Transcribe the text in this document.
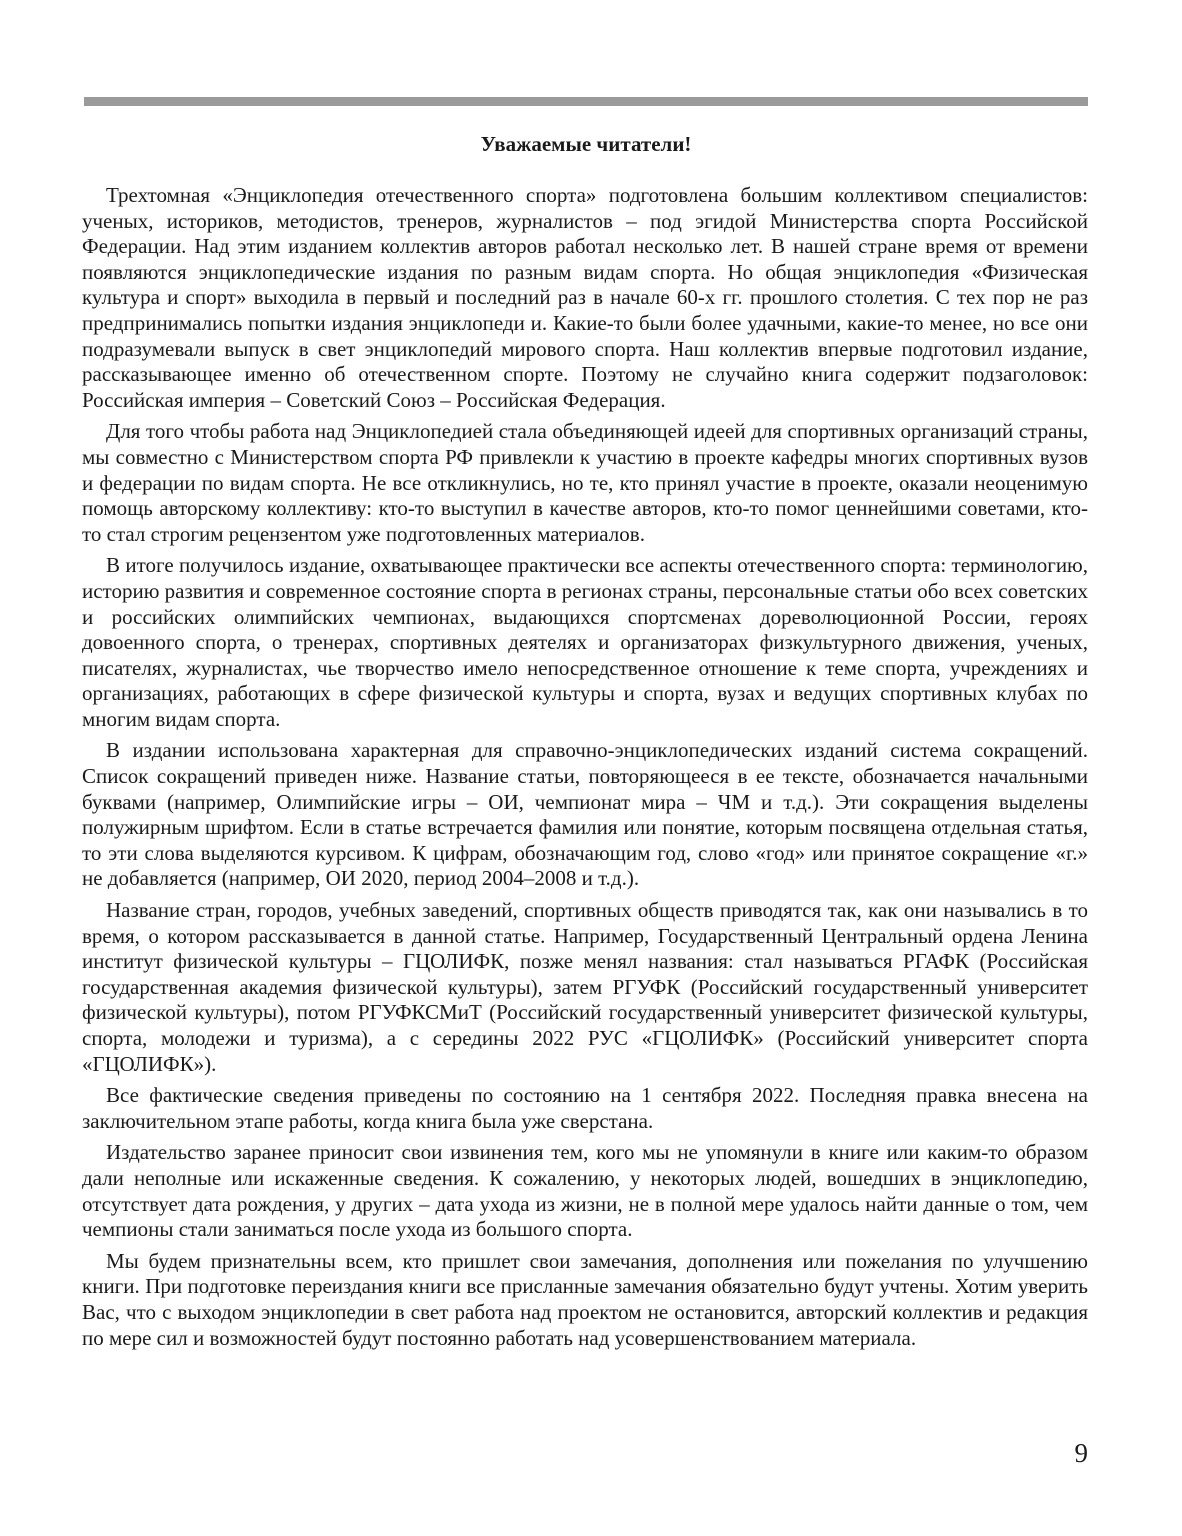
Уважаемые читатели!

Трехтомная «Энциклопедия отечественного спорта» подготовлена большим коллективом специалистов: ученых, историков, методистов, тренеров, журналистов – под эгидой Министерства спорта Российской Федерации. Над этим изданием коллектив авторов работал несколько лет. В нашей стране время от времени появляются энциклопедические издания по разным видам спорта. Но общая энциклопедия «Физическая культура и спорт» выходила в первый и последний раз в начале 60-х гг. прошлого столетия. С тех пор не раз предпринимались попытки издания энциклопеди и. Какие-то были более удачными, какие-то менее, но все они подразумевали выпуск в свет энциклопедий мирового спорта. Наш коллектив впервые подготовил издание, рассказывающее именно об отечественном спорте. Поэтому не случайно книга содержит подзаголовок: Российская империя – Советский Союз – Российская Федерация.

Для того чтобы работа над Энциклопедией стала объединяющей идеей для спортивных организаций страны, мы совместно с Министерством спорта РФ привлекли к участию в проекте кафедры многих спортивных вузов и федерации по видам спорта. Не все откликнулись, но те, кто принял участие в проекте, оказали неоценимую помощь авторскому коллективу: кто-то выступил в качестве авторов, кто-то помог ценнейшими советами, кто-то стал строгим рецензентом уже подготовленных материалов.

В итоге получилось издание, охватывающее практически все аспекты отечественного спорта: терминологию, историю развития и современное состояние спорта в регионах страны, персональные статьи обо всех советских и российских олимпийских чемпионах, выдающихся спортсменах дореволюционной России, героях довоенного спорта, о тренерах, спортивных деятелях и организаторах физкультурного движения, ученых, писателях, журналистах, чье творчество имело непосредственное отношение к теме спорта, учреждениях и организациях, работающих в сфере физической культуры и спорта, вузах и ведущих спортивных клубах по многим видам спорта.

В издании использована характерная для справочно-энциклопедических изданий система сокращений. Список сокращений приведен ниже. Название статьи, повторяющееся в ее тексте, обозначается начальными буквами (например, Олимпийские игры – ОИ, чемпионат мира – ЧМ и т.д.). Эти сокращения выделены полужирным шрифтом. Если в статье встречается фамилия или понятие, которым посвящена отдельная статья, то эти слова выделяются курсивом. К цифрам, обозначающим год, слово «год» или принятое сокращение «г.» не добавляется (например, ОИ 2020, период 2004–2008 и т.д.).

Название стран, городов, учебных заведений, спортивных обществ приводятся так, как они назывались в то время, о котором рассказывается в данной статье. Например, Государственный Центральный ордена Ленина институт физической культуры – ГЦОЛИФК, позже менял названия: стал называться РГАФК (Российская государственная академия физической культуры), затем РГУФК (Российский государственный университет физической культуры), потом РГУФКСМиТ (Российский государственный университет физической культуры, спорта, молодежи и туризма), а с середины 2022 РУС «ГЦОЛИФК» (Российский университет спорта «ГЦОЛИФК»).

Все фактические сведения приведены по состоянию на 1 сентября 2022. Последняя правка внесена на заключительном этапе работы, когда книга была уже сверстана.

Издательство заранее приносит свои извинения тем, кого мы не упомянули в книге или каким-то образом дали неполные или искаженные сведения. К сожалению, у некоторых людей, вошедших в энциклопедию, отсутствует дата рождения, у других – дата ухода из жизни, не в полной мере удалось найти данные о том, чем чемпионы стали заниматься после ухода из большого спорта.

Мы будем признательны всем, кто пришлет свои замечания, дополнения или пожелания по улучшению книги. При подготовке переиздания книги все присланные замечания обязательно будут учтены. Хотим уверить Вас, что с выходом энциклопедии в свет работа над проектом не остановится, авторский коллектив и редакция по мере сил и возможностей будут постоянно работать над усовершенствованием материала.

9
